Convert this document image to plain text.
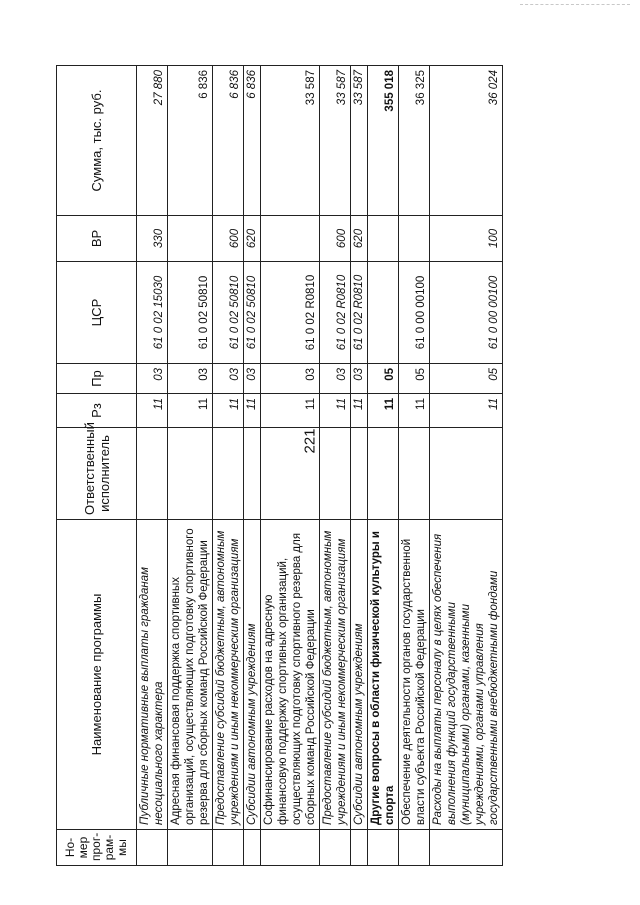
221
Но-мер прог-рам-мы	Наименование программы	Ответственный исполнитель	Рз	Пр	ЦСР	ВР	Сумма, тыс. руб.
	Публичные нормативные выплаты гражданам несоциального характера		11	03	61 0 02 15030	330	27 880
	Адресная финансовая поддержка спортивных организаций, осуществляющих подготовку спортивного резерва для сборных команд Российской Федерации		11	03	61 0 02 50810		6 836
	Предоставление субсидий бюджетным, автономным учреждениям и иным некоммерческим организациям		11	03	61 0 02 50810	600	6 836
	Субсидии автономным учреждениям		11	03	61 0 02 50810	620	6 836
	Софинансирование расходов на адресную финансовую поддержку спортивных организаций, осуществляющих подготовку спортивного резерва для сборных команд Российской Федерации		11	03	61 0 02 R0810		33 587
	Предоставление субсидий бюджетным, автономным учреждениям и иным некоммерческим организациям		11	03	61 0 02 R0810	600	33 587
	Субсидии автономным учреждениям		11	03	61 0 02 R0810	620	33 587
	Другие вопросы в области физической культуры и спорта		11	05			355 018
	Обеспечение деятельности органов государственной власти субъекта Российской Федерации		11	05	61 0 00 00100		36 325
	Расходы на выплаты персоналу в целях обеспечения выполнения функций государственными (муниципальными) органами, казенными учреждениями, органами управления государственными внебюджетными фондами		11	05	61 0 00 00100	100	36 024
